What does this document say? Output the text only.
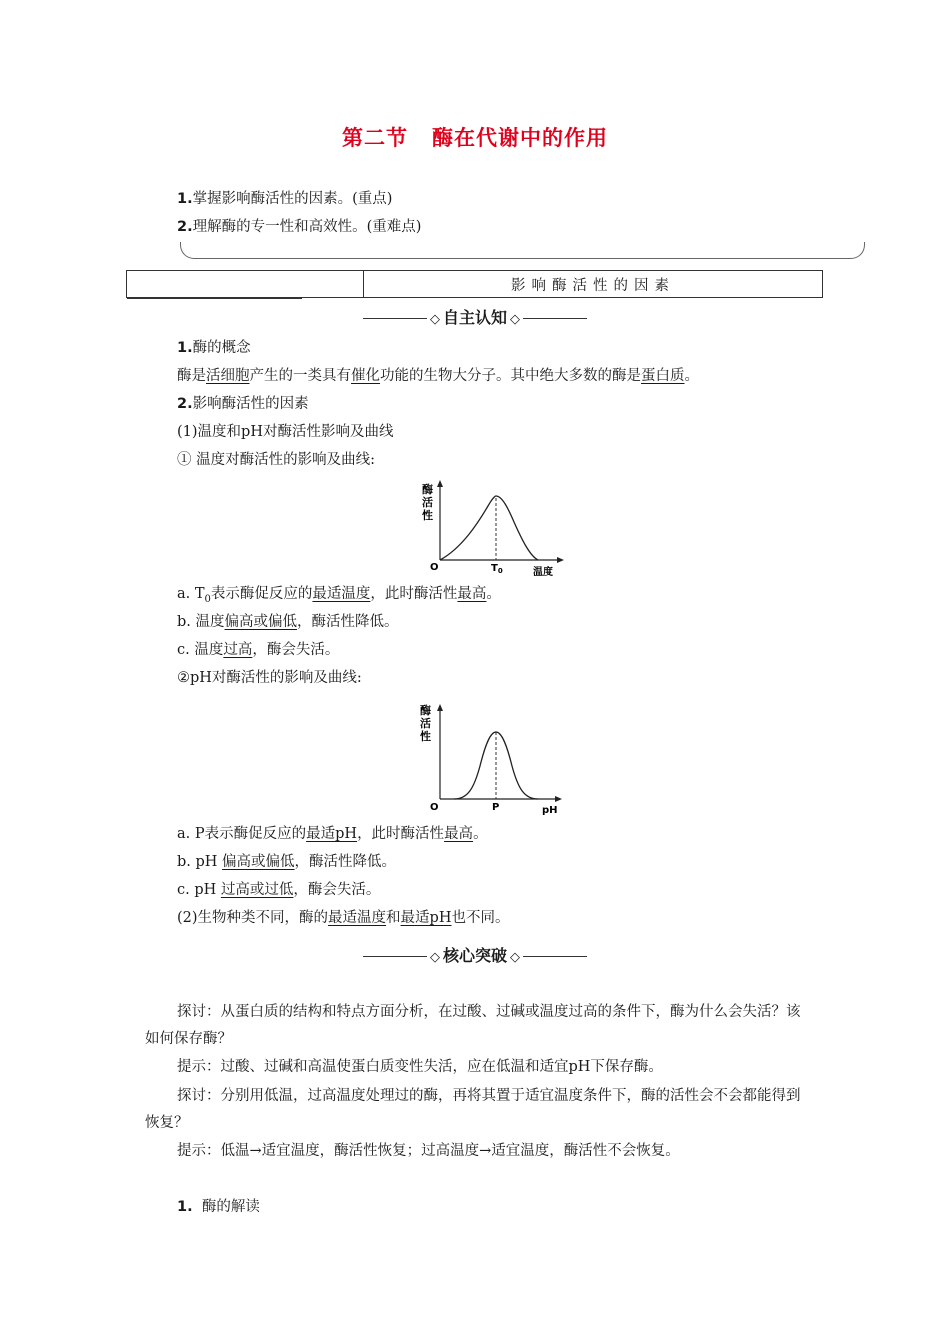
第二节 酶在代谢中的作用
1.掌握影响酶活性的因素。(重点)
2.理解酶的专一性和高效性。(重难点)
影响酶活性的因素
◇ 自主认知 ◇
1.酶的概念
酶是活细胞产生的一类具有催化功能的生物大分子。其中绝大多数的酶是蛋白质。
2.影响酶活性的因素
(1)温度和pH对酶活性影响及曲线
① 温度对酶活性的影响及曲线:
酶
活
性
O	$T_0$	温度
a. $T_0$表示酶促反应的最适温度，此时酶活性最高。
b. 温度偏高或偏低，酶活性降低。
c. 温度过高，酶会失活。
②pH对酶活性的影响及曲线:
酶
活
性
O	P	pH
a. P表示酶促反应的最适pH，此时酶活性最高。
b. pH 偏高或偏低，酶活性降低。
c. pH 过高或过低，酶会失活。
(2)生物种类不同，酶的最适温度和最适pH也不同。
◇ 核心突破 ◇
探讨：从蛋白质的结构和特点方面分析，在过酸、过碱或温度过高的条件下，酶为什么会失活？该如何保存酶？
提示：过酸、过碱和高温使蛋白质变性失活，应在低温和适宜pH下保存酶。
探讨：分别用低温，过高温度处理过的酶，再将其置于适宜温度条件下，酶的活性会不会都能得到恢复？
提示：低温→适宜温度，酶活性恢复；过高温度→适宜温度，酶活性不会恢复。
1. 酶的解读
